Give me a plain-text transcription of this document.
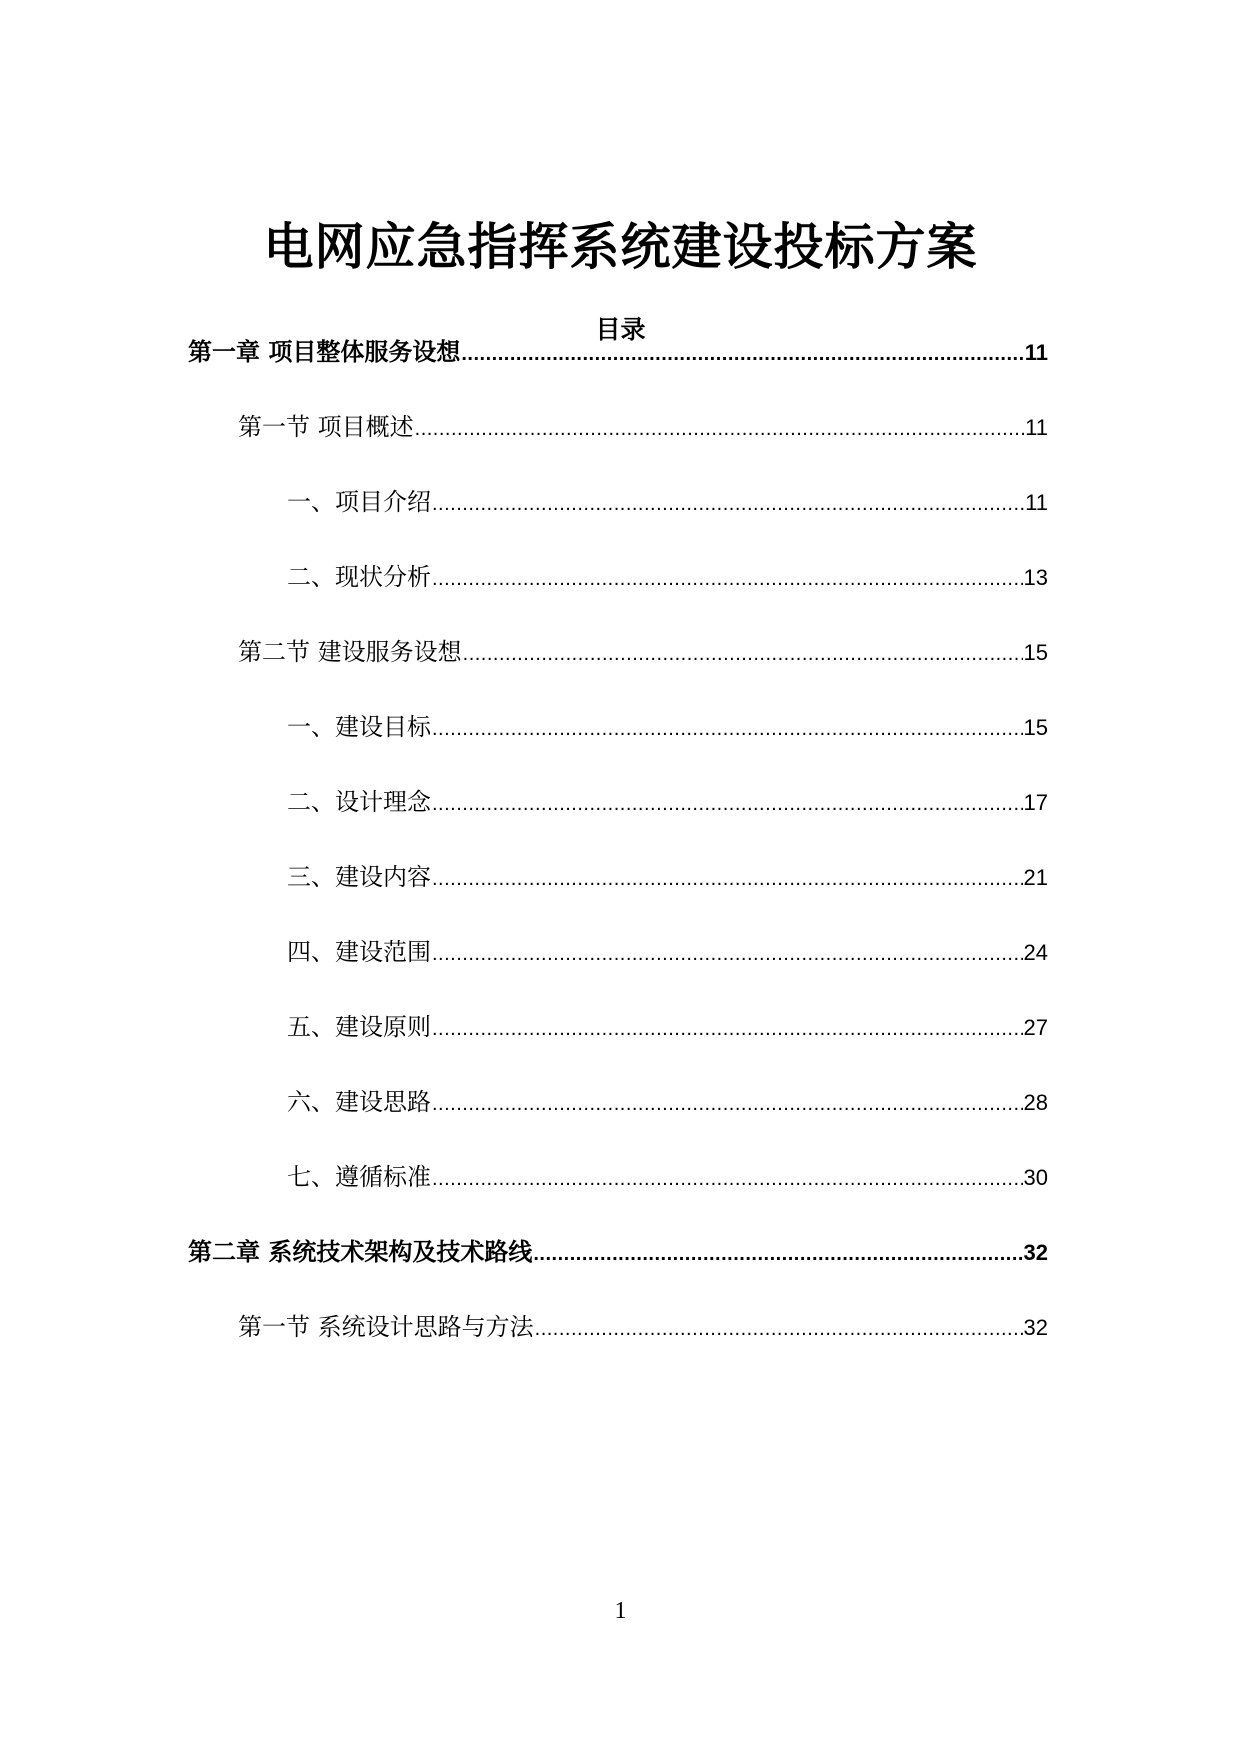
电网应急指挥系统建设投标方案
目录
第一章 项目整体服务设想 .....	11
第一节 项目概述 .....	11
一、项目介绍 .....	11
二、现状分析 .....	13
第二节 建设服务设想 .....	15
一、建设目标 .....	15
二、设计理念 .....	17
三、建设内容 .....	21
四、建设范围 .....	24
五、建设原则 .....	27
六、建设思路 .....	28
七、遵循标准 .....	30
第二章 系统技术架构及技术路线 .....	32
第一节 系统设计思路与方法 .....	32
1
